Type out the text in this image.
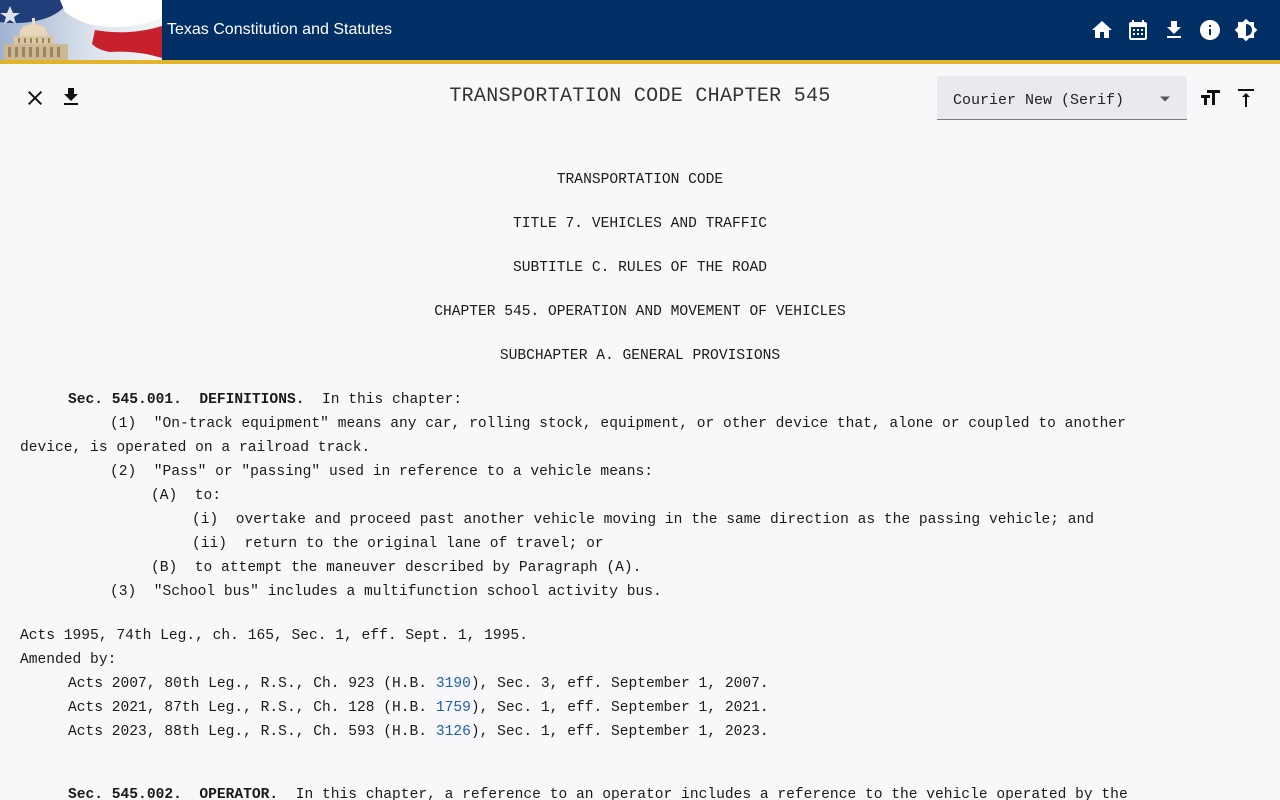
Texas Constitution and Statutes
TRANSPORTATION CODE CHAPTER 545	Courier New (Serif)
TRANSPORTATION CODE
TITLE 7. VEHICLES AND TRAFFIC
SUBTITLE C. RULES OF THE ROAD
CHAPTER 545. OPERATION AND MOVEMENT OF VEHICLES
SUBCHAPTER A. GENERAL PROVISIONS
Sec. 545.001. DEFINITIONS. In this chapter:
(1)  "On-track equipment" means any car, rolling stock, equipment, or other device that, alone or coupled to another
device, is operated on a railroad track.
(2)  "Pass" or "passing" used in reference to a vehicle means:
(A)  to:
(i)  overtake and proceed past another vehicle moving in the same direction as the passing vehicle; and
(ii)  return to the original lane of travel; or
(B)  to attempt the maneuver described by Paragraph (A).
(3)  "School bus" includes a multifunction school activity bus.
Acts 1995, 74th Leg., ch. 165, Sec. 1, eff. Sept. 1, 1995.
Amended by:
Acts 2007, 80th Leg., R.S., Ch. 923 (H.B. 3190), Sec. 3, eff. September 1, 2007.
Acts 2021, 87th Leg., R.S., Ch. 128 (H.B. 1759), Sec. 1, eff. September 1, 2021.
Acts 2023, 88th Leg., R.S., Ch. 593 (H.B. 3126), Sec. 1, eff. September 1, 2023.
Sec. 545.002. OPERATOR. In this chapter, a reference to an operator includes a reference to the vehicle operated by the
